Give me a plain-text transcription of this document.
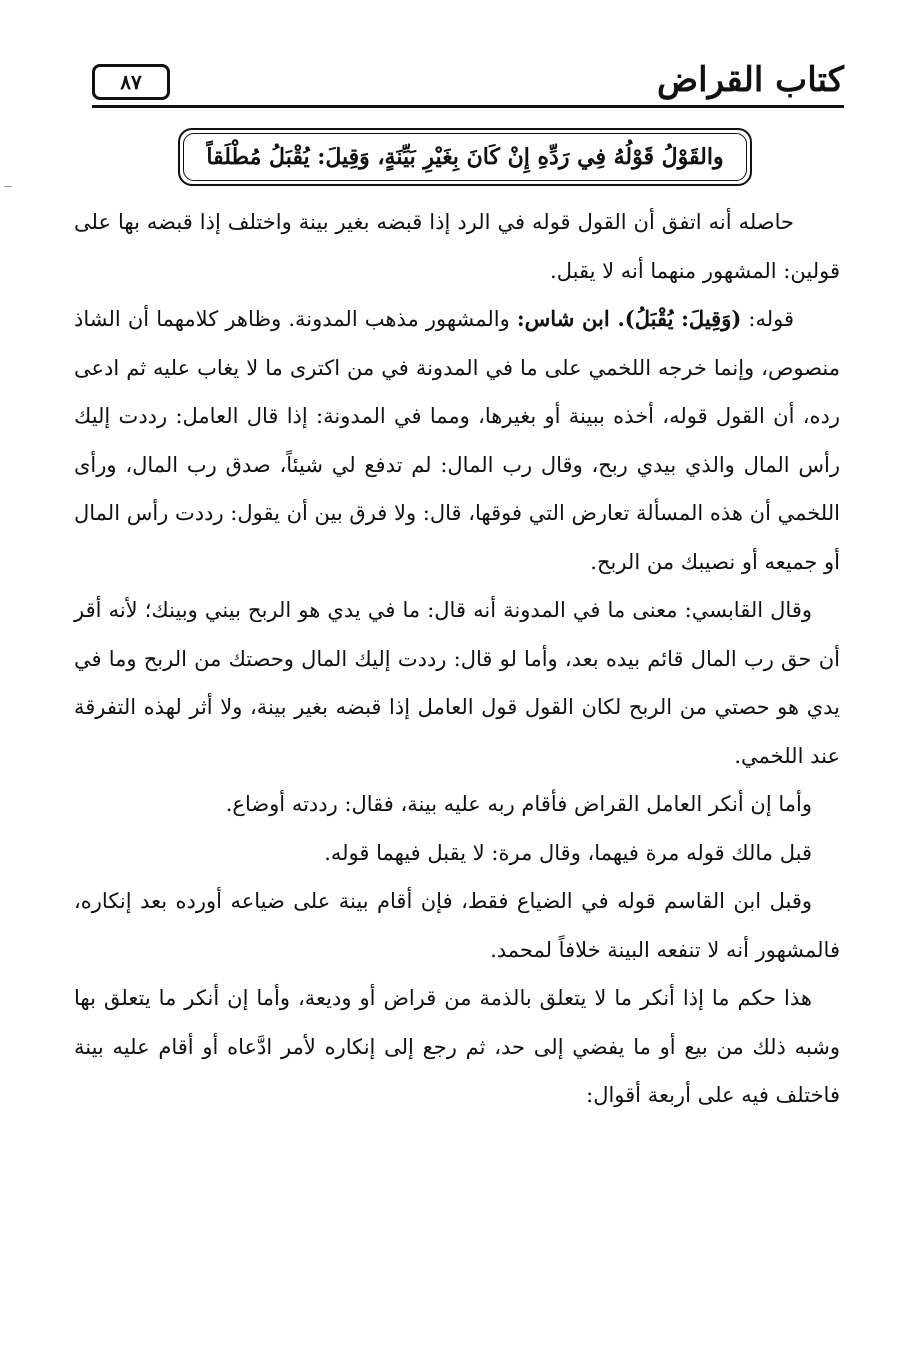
٨٧	كتاب القراض
والقَوْلُ قَوْلُهُ فِي رَدِّهِ إِنْ كَانَ بِغَيْرِ بَيِّنَةٍ، وَقِيلَ: يُقْبَلُ مُطْلَقاً

حاصله أنه اتفق أن القول قوله في الرد إذا قبضه بغير بينة واختلف إذا قبضه بها على قولين: المشهور منهما أنه لا يقبل.

قوله: (وَقِيلَ: يُقْبَلُ). ابن شاس: والمشهور مذهب المدونة. وظاهر كلامهما أن الشاذ منصوص، وإنما خرجه اللخمي على ما في المدونة في من اكترى ما لا يغاب عليه ثم ادعى رده، أن القول قوله، أخذه ببينة أو بغيرها، ومما في المدونة: إذا قال العامل: رددت إليك رأس المال والذي بيدي ربح، وقال رب المال: لم تدفع لي شيئاً، صدق رب المال، ورأى اللخمي أن هذه المسألة تعارض التي فوقها، قال: ولا فرق بين أن يقول: رددت رأس المال أو جميعه أو نصيبك من الربح.

وقال القابسي: معنى ما في المدونة أنه قال: ما في يدي هو الربح بيني وبينك؛ لأنه أقر أن حق رب المال قائم بيده بعد، وأما لو قال: رددت إليك المال وحصتك من الربح وما في يدي هو حصتي من الربح لكان القول قول العامل إذا قبضه بغير بينة، ولا أثر لهذه التفرقة عند اللخمي.

وأما إن أنكر العامل القراض فأقام ربه عليه بينة، فقال: رددته أوضاع.

قبل مالك قوله مرة فيهما، وقال مرة: لا يقبل فيهما قوله.

وقبل ابن القاسم قوله في الضياع فقط، فإن أقام بينة على ضياعه أورده بعد إنكاره، فالمشهور أنه لا تنفعه البينة خلافاً لمحمد.

هذا حكم ما إذا أنكر ما لا يتعلق بالذمة من قراض أو وديعة، وأما إن أنكر ما يتعلق بها وشبه ذلك من بيع أو ما يفضي إلى حد، ثم رجع إلى إنكاره لأمر ادَّعاه أو أقام عليه بينة فاختلف فيه على أربعة أقوال:
